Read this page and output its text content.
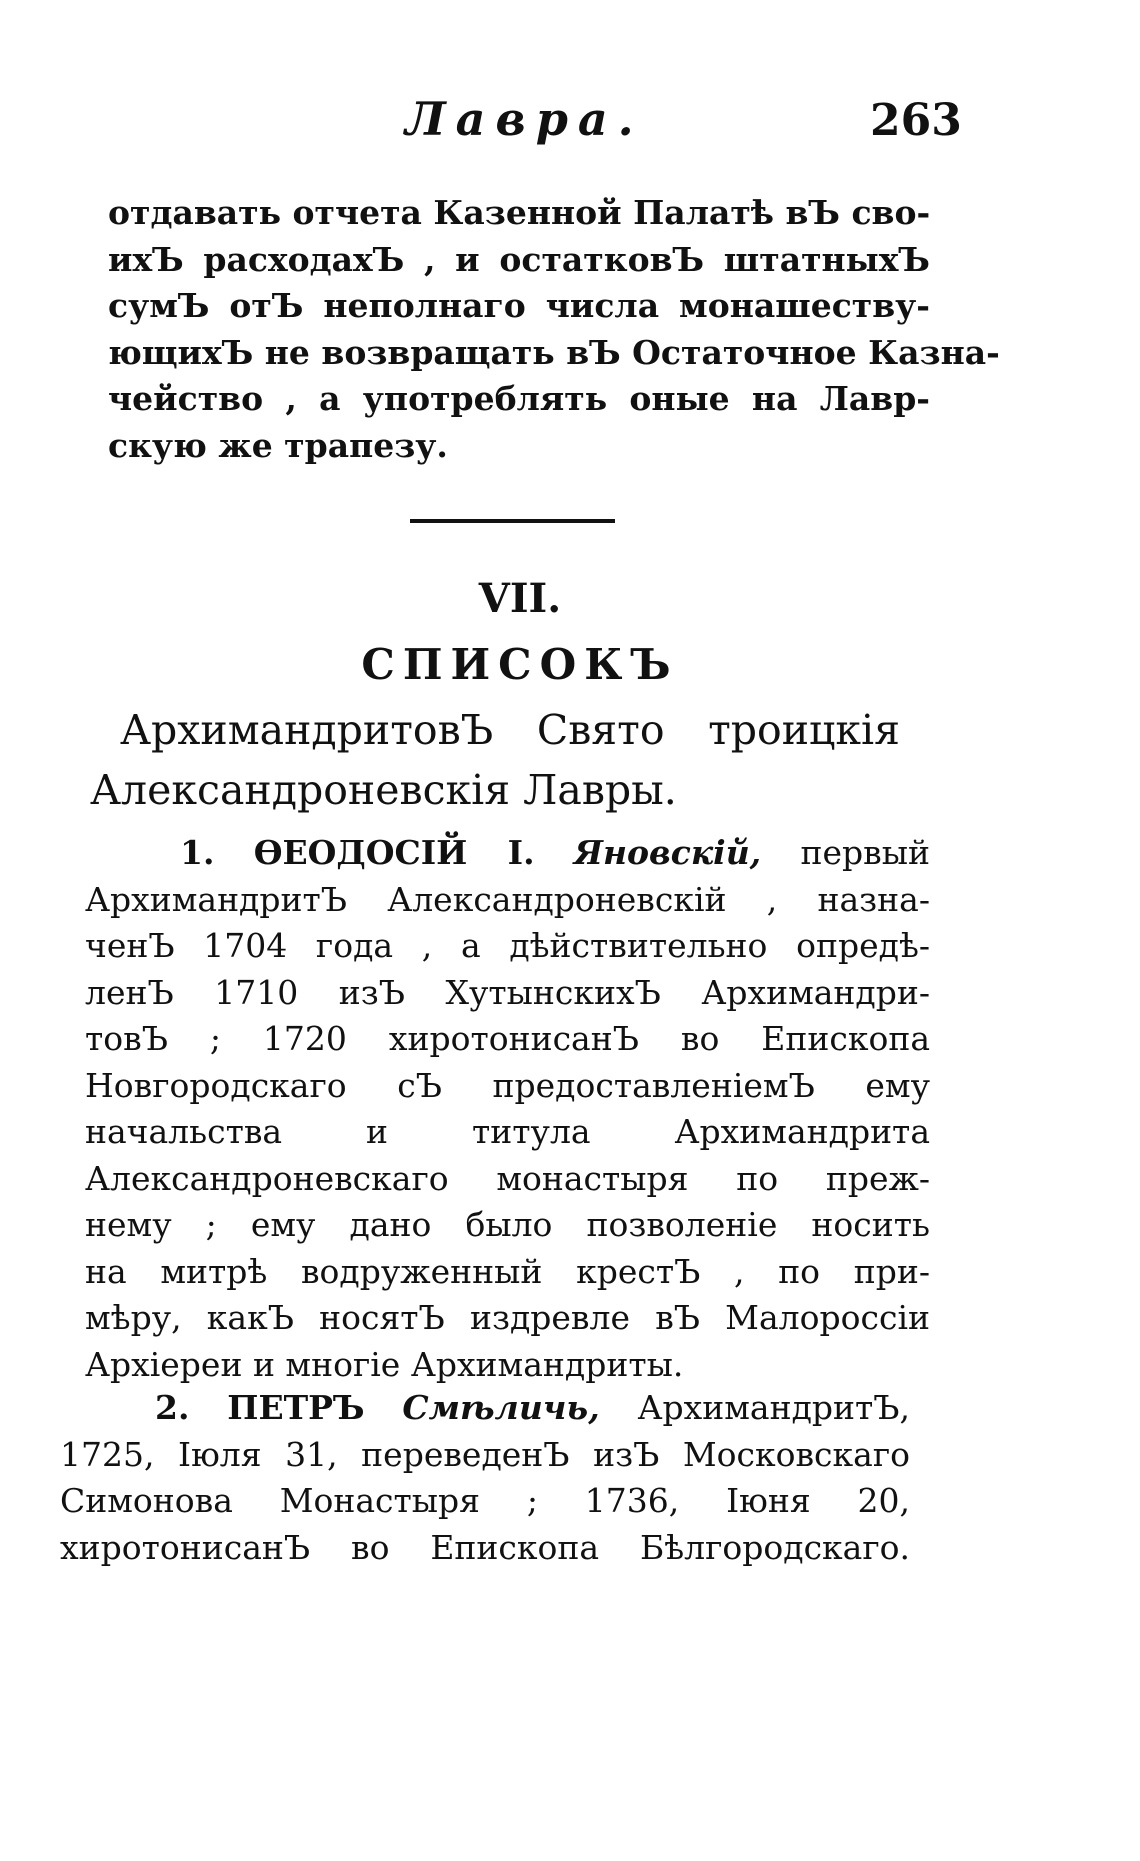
Лавра.	263
отдавать отчета Казенной Палатѣ вЪ сво-
ихЪ расходахЪ , и остатковЪ штатныхЪ
сумЪ отЪ неполнаго числа монашеству-
ющихЪ не возвращать вЪ Остаточное Казна-
чейство , а употреблять оные на Лавр-
скую же трапезу.
VII.
СПИСОКЪ
АрхимандритовЪ Свято троицкія
Александроневскія Лавры.
1. ѲЕОДОСІЙ I. Яновскій, первый
АрхимандритЪ Александроневскій , назна-
ченЪ 1704 года , а дѣйствительно опредѣ-
ленЪ 1710 изЪ ХутынскихЪ Архимандри-
товЪ ; 1720 хиротонисанЪ во Епископа
Новгородскаго сЪ предоставленіемЪ ему
начальства и титула Архимандрита
Александроневскаго монастыря по преж-
нему ; ему дано было позволеніе носить
на митрѣ водруженный крестЪ , по при-
мѣру, какЪ носятЪ издревле вЪ Малороссіи
Архіереи и многіе Архимандриты.
2. ПЕТРЪ Смѣличь, АрхимандритЪ,
1725, Іюля 31, переведенЪ изЪ Московскаго
Симонова Монастыря ; 1736, Іюня 20,
хиротонисанЪ во Епископа Бѣлгородскаго.
